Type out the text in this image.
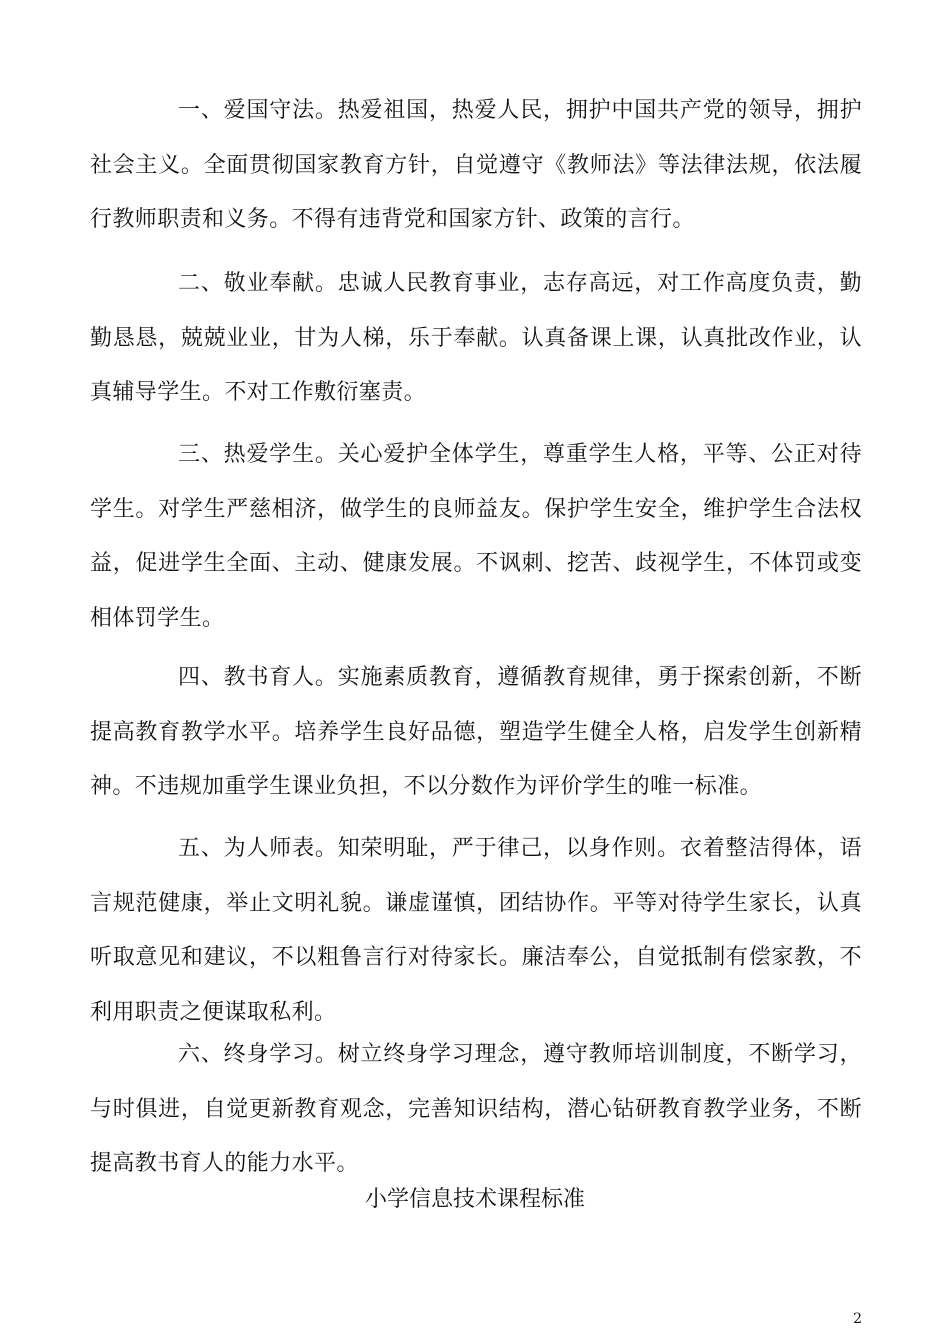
一、爱国守法。热爱祖国，热爱人民，拥护中国共产党的领导，拥护社会主义。全面贯彻国家教育方针，自觉遵守《教师法》等法律法规，依法履行教师职责和义务。不得有违背党和国家方针、政策的言行。

二、敬业奉献。忠诚人民教育事业，志存高远，对工作高度负责，勤勤恳恳，兢兢业业，甘为人梯，乐于奉献。认真备课上课，认真批改作业，认真辅导学生。不对工作敷衍塞责。

三、热爱学生。关心爱护全体学生，尊重学生人格，平等、公正对待学生。对学生严慈相济，做学生的良师益友。保护学生安全，维护学生合法权益，促进学生全面、主动、健康发展。不讽刺、挖苦、歧视学生，不体罚或变相体罚学生。

四、教书育人。实施素质教育，遵循教育规律，勇于探索创新，不断提高教育教学水平。培养学生良好品德，塑造学生健全人格，启发学生创新精神。不违规加重学生课业负担，不以分数作为评价学生的唯一标准。

五、为人师表。知荣明耻，严于律己，以身作则。衣着整洁得体，语言规范健康，举止文明礼貌。谦虚谨慎，团结协作。平等对待学生家长，认真听取意见和建议，不以粗鲁言行对待家长。廉洁奉公，自觉抵制有偿家教，不利用职责之便谋取私利。

六、终身学习。树立终身学习理念，遵守教师培训制度，不断学习，与时俱进，自觉更新教育观念，完善知识结构，潜心钻研教育教学业务，不断提高教书育人的能力水平。

小学信息技术课程标准

2
